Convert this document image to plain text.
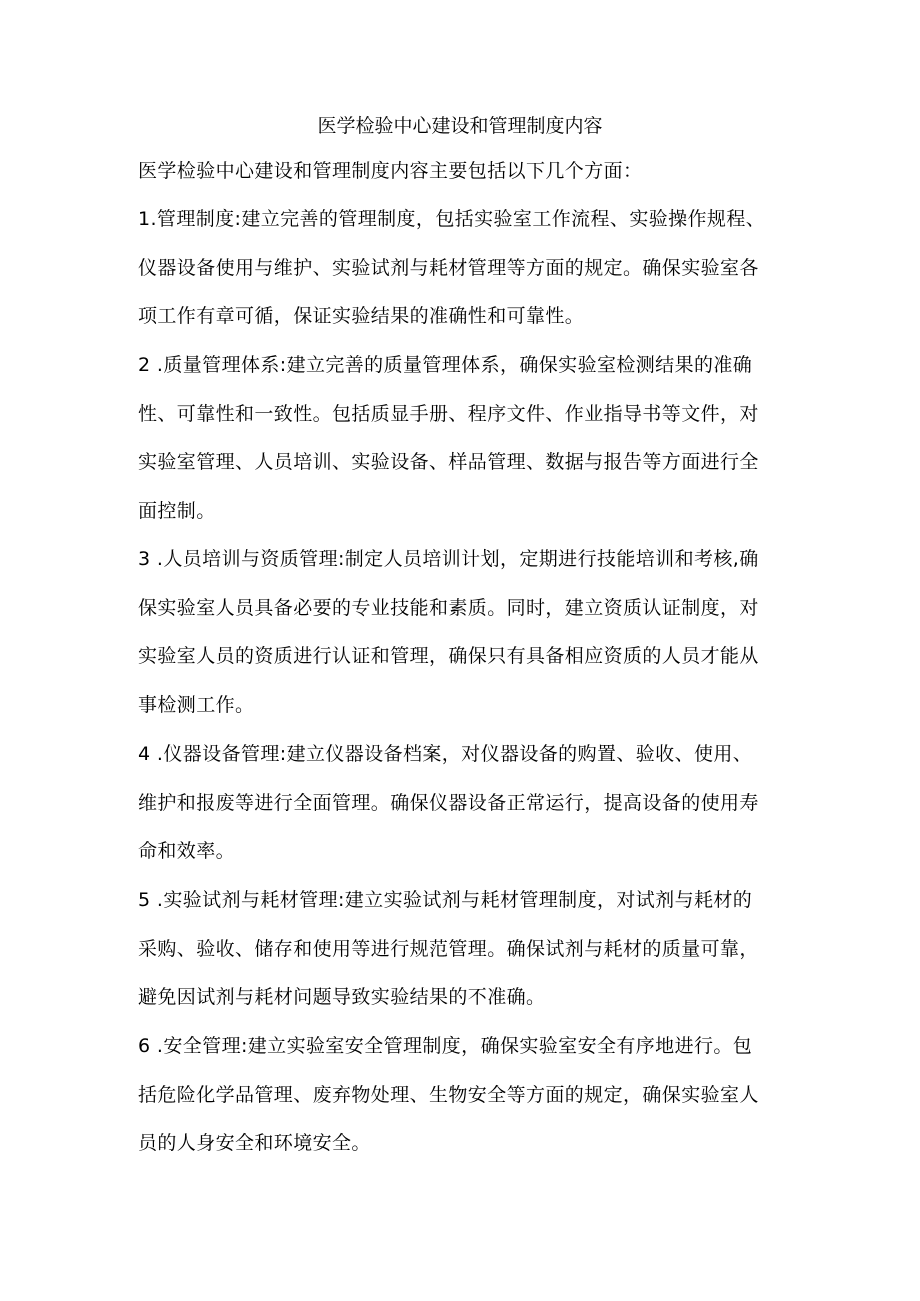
医学检验中心建设和管理制度内容
医学检验中心建设和管理制度内容主要包括以下几个方面：
1.管理制度:建立完善的管理制度，包括实验室工作流程、实验操作规程、
仪器设备使用与维护、实验试剂与耗材管理等方面的规定。确保实验室各
项工作有章可循，保证实验结果的准确性和可靠性。
2 .质量管理体系:建立完善的质量管理体系，确保实验室检测结果的准确
性、可靠性和一致性。包括质显手册、程序文件、作业指导书等文件，对
实验室管理、人员培训、实验设备、样品管理、数据与报告等方面进行全
面控制。
3 .人员培训与资质管理:制定人员培训计划，定期进行技能培训和考核,确
保实验室人员具备必要的专业技能和素质。同时，建立资质认证制度，对
实验室人员的资质进行认证和管理，确保只有具备相应资质的人员才能从
事检测工作。
4 .仪器设备管理:建立仪器设备档案，对仪器设备的购置、验收、使用、
维护和报废等进行全面管理。确保仪器设备正常运行，提高设备的使用寿
命和效率。
5 .实验试剂与耗材管理:建立实验试剂与耗材管理制度，对试剂与耗材的
采购、验收、储存和使用等进行规范管理。确保试剂与耗材的质量可靠，
避免因试剂与耗材问题导致实验结果的不准确。
6 .安全管理:建立实验室安全管理制度，确保实验室安全有序地进行。包
括危险化学品管理、废弃物处理、生物安全等方面的规定，确保实验室人
员的人身安全和环境安全。
